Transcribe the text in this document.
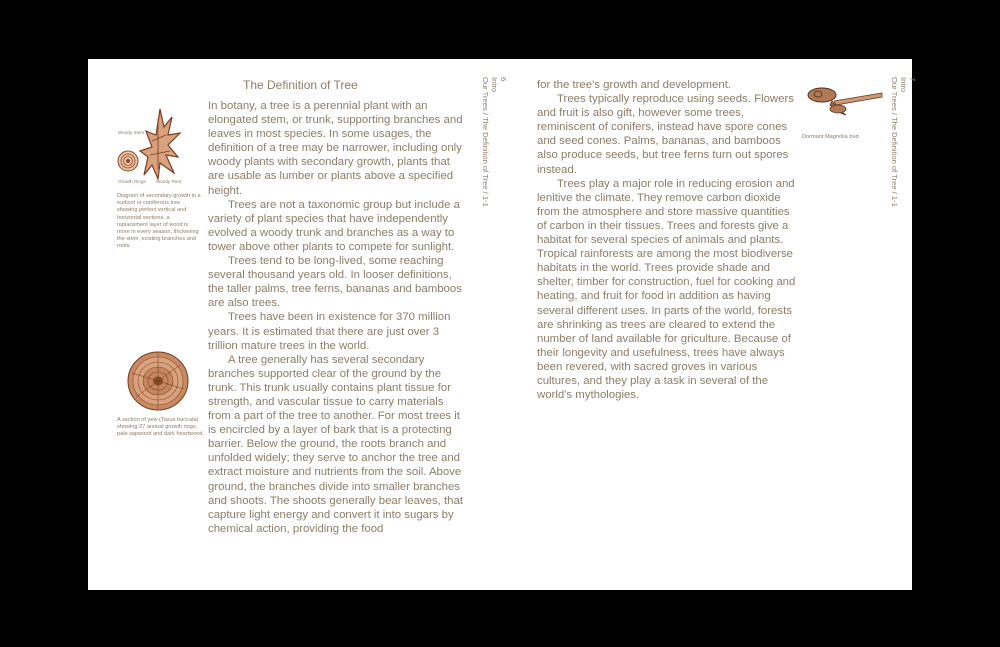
Woody Stem
Growth Rings Woody Root
Diagram of secondary growth in a eudicot or coniferous tree showing perfect vertical and horizontal sections. a replacement layer of wood is more in every season, thickening the stem, existing branches and roots.
A section of yew (Taxus baccata) showing 27 annual growth rings, pale sapwood and dark heartwood.
The Definition of Tree

In botany, a tree is a perennial plant with an elongated stem, or trunk, supporting branches and leaves in most species. In some usages, the definition of a tree may be narrower, including only woody plants with secondary growth, plants that are usable as lumber or plants above a specified height.

Trees are not a taxonomic group but include a variety of plant species that have independently evolved a woody trunk and branches as a way to tower above other plants to compete for sunlight.

Trees tend to be long-lived, some reaching several thousand years old. In looser definitions, the taller palms, tree ferns, bananas and bamboos are also trees.

Trees have been in existence for 370 million years. It is estimated that there are just over 3 trillion mature trees in the world.

A tree generally has several secondary branches supported clear of the ground by the trunk. This trunk usually contains plant tissue for strength, and vascular tissue to carry materials from a part of the tree to another. For most trees it is encircled by a layer of bark that is a protecting barrier. Below the ground, the roots branch and unfolded widely; they serve to anchor the tree and extract moisture and nutrients from the soil. Above ground, the branches divide into smaller branches and shoots. The shoots generally bear leaves, that capture light energy and convert it into sugars by chemical action, providing the food

6
Intro
Our Trees / The Definition of Tree / 1-1	for the tree's growth and development.

Trees typically reproduce using seeds. Flowers and fruit is also gift, however some trees, reminiscent of conifers, instead have spore cones and seed cones. Palms, bananas, and bamboos also produce seeds, but tree ferns turn out spores instead.

Trees play a major role in reducing erosion and lenitive the climate. They remove carbon dioxide from the atmosphere and store massive quantities of carbon in their tissues. Trees and forests give a habitat for several species of animals and plants. Tropical rainforests are among the most biodiverse habitats in the world. Trees provide shade and shelter, timber for construction, fuel for cooking and heating, and fruit for food in addition as having several different uses. In parts of the world, forests are shrinking as trees are cleared to extend the number of land available for griculture. Because of their longevity and usefulness, trees have always been revered, with sacred groves in various cultures, and they play a task in several of the world's mythologies.

Dormant Magnolia bud
7
Intro
Our Trees / The Definition of Tree / 1-1
